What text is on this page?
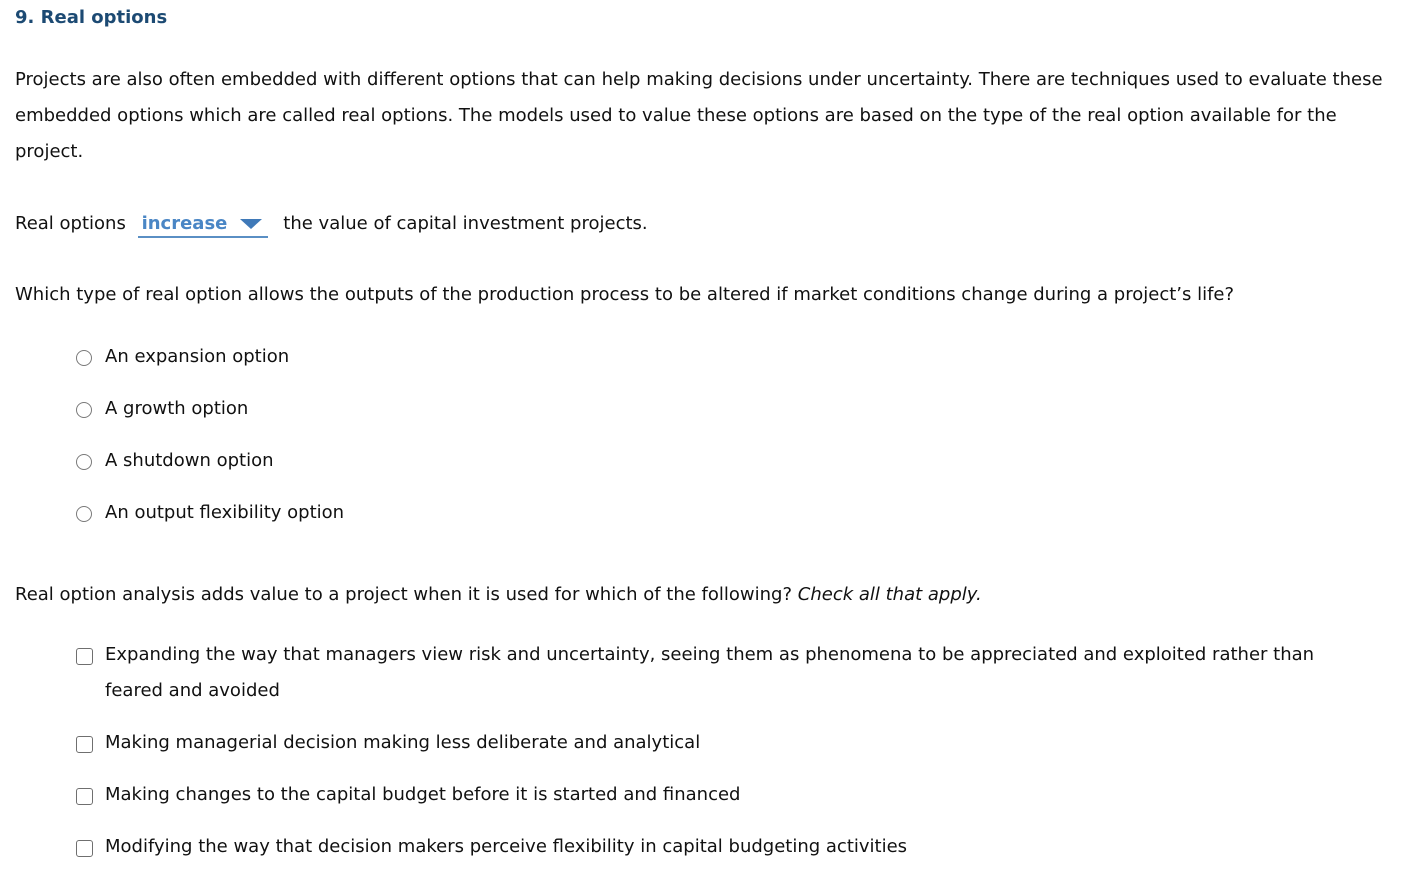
9. Real options

Projects are also often embedded with different options that can help making decisions under uncertainty. There are techniques used to evaluate these embedded options which are called real options. The models used to value these options are based on the type of the real option available for the project.

Real options increase	the value of capital investment projects.

Which type of real option allows the outputs of the production process to be altered if market conditions change during a project’s life?

An expansion option
A growth option
A shutdown option
An output flexibility option

Real option analysis adds value to a project when it is used for which of the following? Check all that apply.

Expanding the way that managers view risk and uncertainty, seeing them as phenomena to be appreciated and exploited rather than feared and avoided
Making managerial decision making less deliberate and analytical
Making changes to the capital budget before it is started and financed
Modifying the way that decision makers perceive flexibility in capital budgeting activities
